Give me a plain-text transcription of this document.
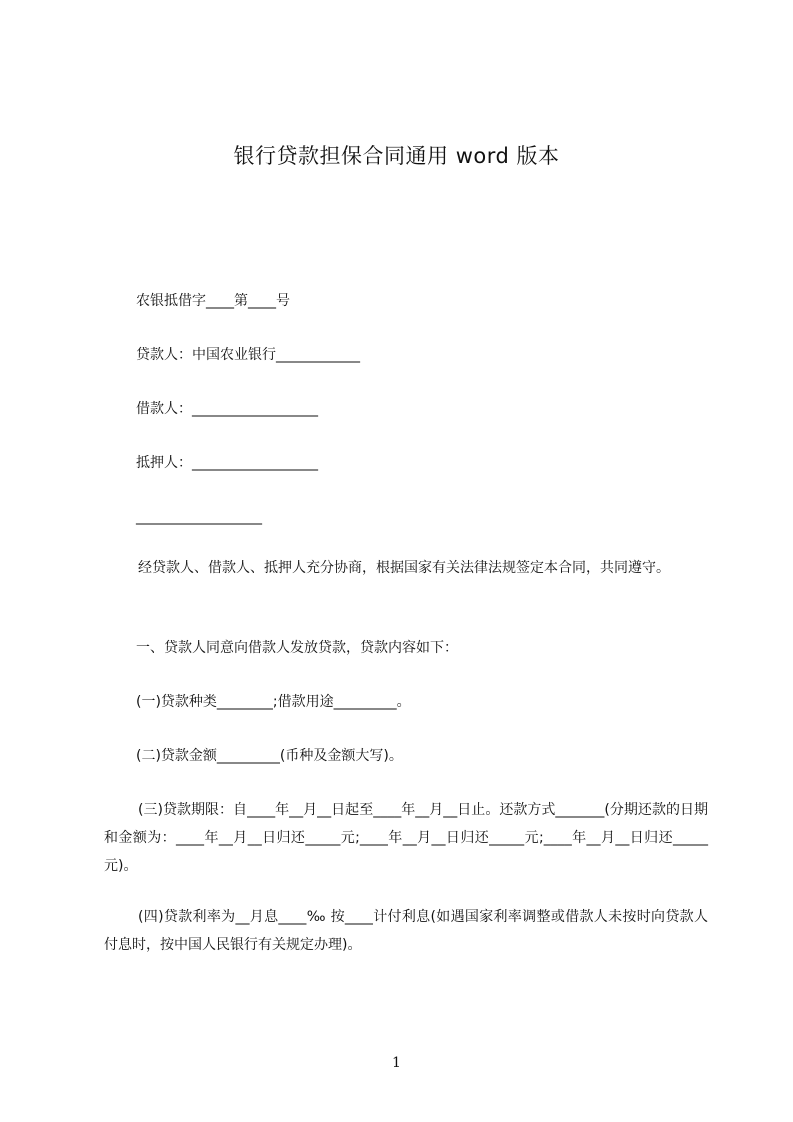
银行贷款担保合同通用 word 版本
农银抵借字____第____号
贷款人：中国农业银行____________
借款人：__________________
抵押人：__________________
__________________

经贷款人、借款人、抵押人充分协商，根据国家有关法律法规签定本合同，共同遵守。

一、贷款人同意向借款人发放贷款，贷款内容如下：
(一)贷款种类________;借款用途_________。
(二)贷款金额_________(币种及金额大写)。

(三)贷款期限：自____年__月__日起至____年__月__日止。还款方式_______(分期还款的日期和金额为：____年__月__日归还_____元;____年__月__日归还_____元;____年__月__日归还_____元)。

(四)贷款利率为__月息____‰ 按____计付利息(如遇国家利率调整或借款人未按时向贷款人付息时，按中国人民银行有关规定办理)。

1
